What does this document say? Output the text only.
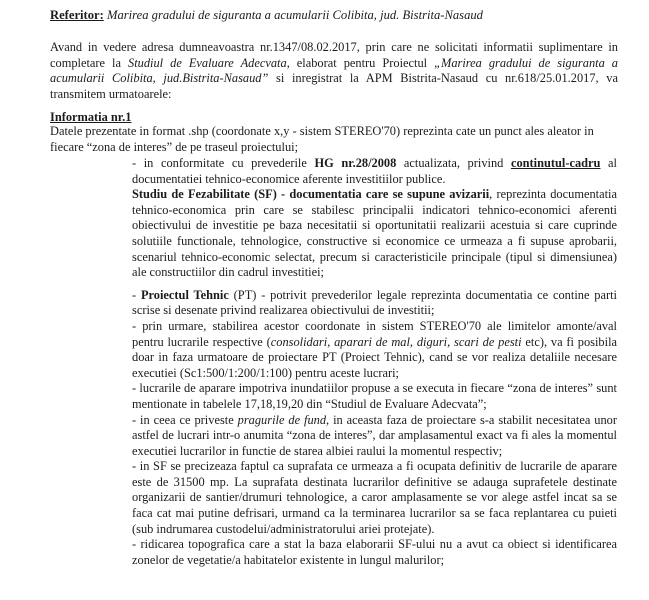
Referitor: Marirea gradului de siguranta a acumularii Colibita, jud. Bistrita-Nasaud
Avand in vedere adresa dumneavoastra nr.1347/08.02.2017, prin care ne solicitati informatii suplimentare in completare la Studiul de Evaluare Adecvata, elaborat pentru Proiectul „Marirea gradului de siguranta a acumularii Colibita, jud.Bistrita-Nasaud” si inregistrat la APM Bistrita-Nasaud cu nr.618/25.01.2017, va transmitem urmatoarele:
Informatia nr.1
Datele prezentate in format .shp (coordonate x,y - sistem STEREO'70) reprezinta cate un punct ales aleator in fiecare “zona de interes” de pe traseul proiectului;

- in conformitate cu prevederile HG nr.28/2008 actualizata, privind continutul-cadru al documentatiei tehnico-economice aferente investitiilor publice.

Studiu de Fezabilitate (SF) - documentatia care se supune avizarii, reprezinta documentatia tehnico-economica prin care se stabilesc principalii indicatori tehnico-economici aferenti obiectivului de investitie pe baza necesitatii si oportunitatii realizarii acestuia si care cuprinde solutiile functionale, tehnologice, constructive si economice ce urmeaza a fi supuse aprobarii, scenariul tehnico-economic selectat, precum si caracteristicile principale (tipul si dimensiunea) ale constructiilor din cadrul investitiei;

- Proiectul Tehnic (PT) - potrivit prevederilor legale reprezinta documentatia ce contine parti scrise si desenate privind realizarea obiectivului de investitii;

- prin urmare, stabilirea acestor coordonate in sistem STEREO'70 ale limitelor amonte/aval pentru lucrarile respective (consolidari, aparari de mal, diguri, scari de pesti etc), va fi posibila doar in faza urmatoare de proiectare PT (Proiect Tehnic), cand se vor realiza detaliile necesare executiei (Sc1:500/1:200/1:100) pentru aceste lucrari;

- lucrarile de aparare impotriva inundatiilor propuse a se executa in fiecare “zona de interes” sunt mentionate in tabelele 17,18,19,20 din “Studiul de Evaluare Adecvata”;

- in ceea ce priveste pragurile de fund, in aceasta faza de proiectare s-a stabilit necesitatea unor astfel de lucrari intr-o anumita “zona de interes”, dar amplasamentul exact va fi ales la momentul executiei lucrarilor in functie de starea albiei raului la momentul respectiv;

- in SF se precizeaza faptul ca suprafata ce urmeaza a fi ocupata definitiv de lucrarile de aparare este de 31500 mp. La suprafata destinata lucrarilor definitive se adauga suprafetele destinate organizarii de santier/drumuri tehnologice, a caror amplasamente se vor alege astfel incat sa se faca cat mai putine defrisari, urmand ca la terminarea lucrarilor sa se faca replantarea cu puieti (sub indrumarea custodelui/administratorului ariei protejate).

- ridicarea topografica care a stat la baza elaborarii SF-ului nu a avut ca obiect si identificarea zonelor de vegetatie/a habitatelor existente in lungul malurilor;
